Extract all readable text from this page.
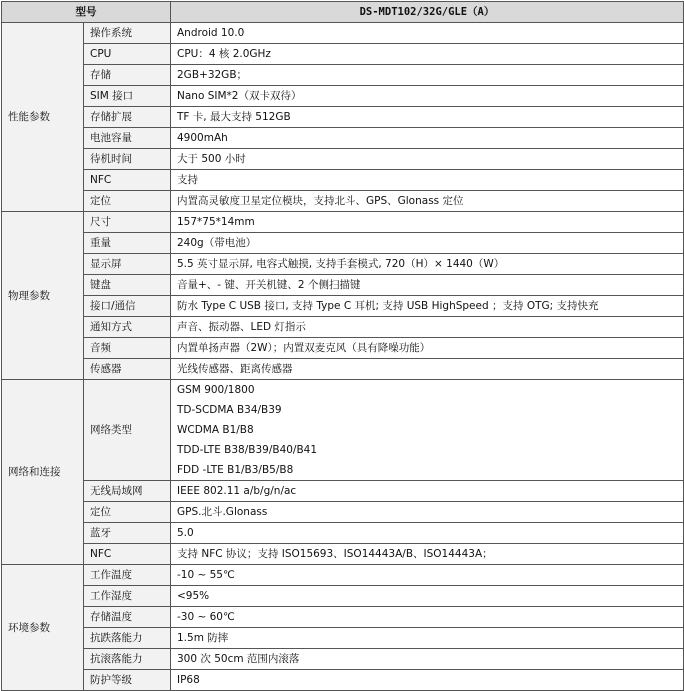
型号		DS-MDT102/32G/GLE（A）
性能参数	操作系统	Android 10.0
	CPU	CPU：4 核 2.0GHz
	存储	2GB+32GB；
	SIM 接口	Nano SIM*2（双卡双待）
	存储扩展	TF 卡, 最大支持 512GB
	电池容量	4900mAh
	待机时间	大于 500 小时
	NFC	支持
	定位	内置高灵敏度卫星定位模块，支持北斗、GPS、Glonass 定位
物理参数	尺寸	157*75*14mm
	重量	240g（带电池）
	显示屏	5.5 英寸显示屏, 电容式触摸, 支持手套模式, 720（H）× 1440（W）
	键盘	音量+、- 键、开关机键、2 个侧扫描键
	接口/通信	防水 Type C USB 接口, 支持 Type C 耳机; 支持 USB HighSpeed ；支持 OTG; 支持快充
	通知方式	声音、振动器、LED 灯指示
	音频	内置单扬声器（2W）；内置双麦克风（具有降噪功能）
	传感器	光线传感器、距离传感器
网络和连接	网络类型	GSM 900/1800
TD-SCDMA B34/B39
WCDMA B1/B8
TDD-LTE B38/B39/B40/B41
FDD -LTE B1/B3/B5/B8

	无线局域网	IEEE 802.11 a/b/g/n/ac
	定位	GPS.北斗.Glonass
	蓝牙	5.0
	NFC	支持 NFC 协议；支持 ISO15693、ISO14443A/B、ISO14443A；
环境参数	工作温度	-10 ~ 55℃
	工作湿度	<95%
	存储温度	-30 ~ 60℃
	抗跌落能力	1.5m 防摔
	抗滚落能力	300 次 50cm 范围内滚落
	防护等级	IP68
